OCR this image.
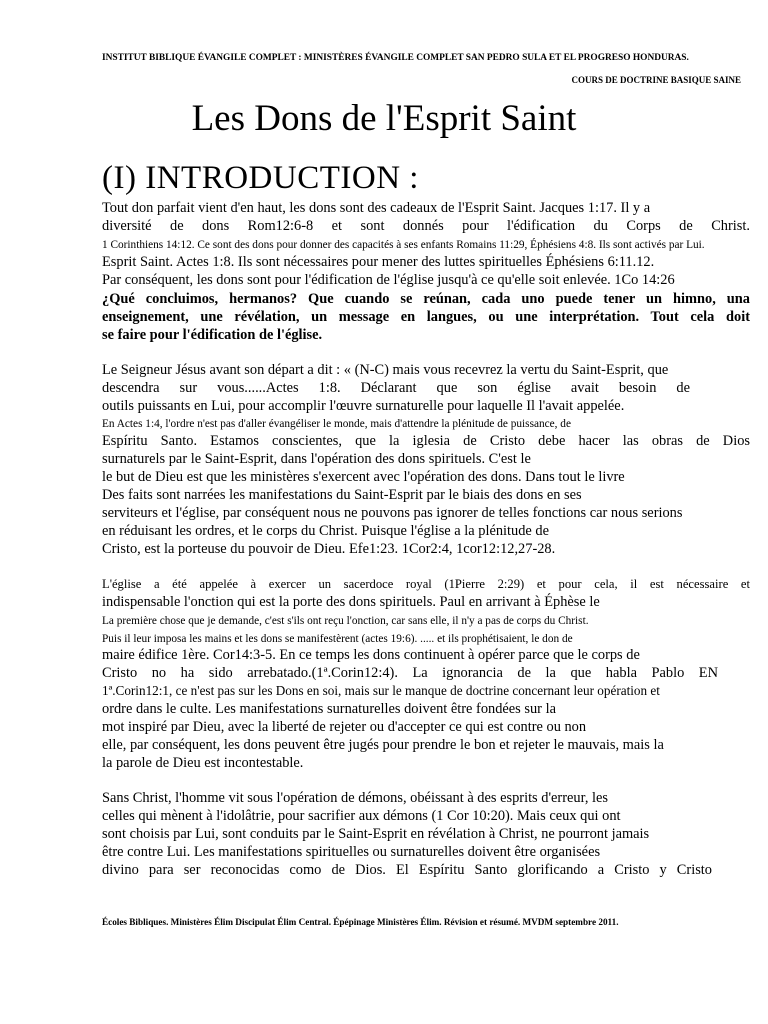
INSTITUT BIBLIQUE ÉVANGILE COMPLET : MINISTÈRES ÉVANGILE COMPLET SAN PEDRO SULA ET EL PROGRESO HONDURAS.
COURS DE DOCTRINE BASIQUE SAINE
Les Dons de l'Esprit Saint
(I) INTRODUCTION :
Tout don parfait vient d'en haut, les dons sont des cadeaux de l'Esprit Saint. Jacques 1:17. Il y a
diversité de dons Rom12:6-8 et sont donnés pour l'édification du Corps de Christ.
1 Corinthiens 14:12. Ce sont des dons pour donner des capacités à ses enfants Romains 11:29, Éphésiens 4:8. Ils sont activés par Lui.
Esprit Saint. Actes 1:8. Ils sont nécessaires pour mener des luttes spirituelles Éphésiens 6:11.12.
Par conséquent, les dons sont pour l'édification de l'église jusqu'à ce qu'elle soit enlevée. 1Co 14:26
¿Qué concluimos, hermanos? Que cuando se reúnan, cada uno puede tener un himno, una
enseignement, une révélation, un message en langues, ou une interprétation. Tout cela doit
se faire pour l'édification de l'église.
Le Seigneur Jésus avant son départ a dit : « (N-C) mais vous recevrez la vertu du Saint-Esprit, que
descendra sur vous......Actes 1:8. Déclarant que son église avait besoin de
outils puissants en Lui, pour accomplir l'œuvre surnaturelle pour laquelle Il l'avait appelée.
En Actes 1:4, l'ordre n'est pas d'aller évangéliser le monde, mais d'attendre la plénitude de puissance, de
Espíritu Santo. Estamos conscientes, que la iglesia de Cristo debe hacer las obras de Dios
surnaturels par le Saint-Esprit, dans l'opération des dons spirituels. C'est le
le but de Dieu est que les ministères s'exercent avec l'opération des dons. Dans tout le livre
Des faits sont narrées les manifestations du Saint-Esprit par le biais des dons en ses
serviteurs et l'église, par conséquent nous ne pouvons pas ignorer de telles fonctions car nous serions
en réduisant les ordres, et le corps du Christ. Puisque l'église a la plénitude de
Cristo, est la porteuse du pouvoir de Dieu. Efe1:23. 1Cor2:4, 1cor12:12,27-28.
L'église a été appelée à exercer un sacerdoce royal (1Pierre 2:29) et pour cela, il est nécessaire et
indispensable l'onction qui est la porte des dons spirituels. Paul en arrivant à Éphèse le
La première chose que je demande, c'est s'ils ont reçu l'onction, car sans elle, il n'y a pas de corps du Christ.
Puis il leur imposa les mains et les dons se manifestèrent (actes 19:6). ..... et ils prophétisaient, le don de
maire édifice 1ère. Cor14:3-5. En ce temps les dons continuent à opérer parce que le corps de
Cristo no ha sido arrebatado.(1ª.Corin12:4). La ignorancia de la que habla Pablo EN
1ª.Corin12:1, ce n'est pas sur les Dons en soi, mais sur le manque de doctrine concernant leur opération et
ordre dans le culte. Les manifestations surnaturelles doivent être fondées sur la
mot inspiré par Dieu, avec la liberté de rejeter ou d'accepter ce qui est contre ou non
elle, par conséquent, les dons peuvent être jugés pour prendre le bon et rejeter le mauvais, mais la
la parole de Dieu est incontestable.
Sans Christ, l'homme vit sous l'opération de démons, obéissant à des esprits d'erreur, les
celles qui mènent à l'idolâtrie, pour sacrifier aux démons (1 Cor 10:20). Mais ceux qui ont
sont choisis par Lui, sont conduits par le Saint-Esprit en révélation à Christ, ne pourront jamais
être contre Lui. Les manifestations spirituelles ou surnaturelles doivent être organisées
divino para ser reconocidas como de Dios. El Espíritu Santo glorificando a Cristo y Cristo
Écoles Bibliques. Ministères Élim Discipulat Élim Central. Épépinage Ministères Élim. Révision et résumé. MVDM septembre 2011.
